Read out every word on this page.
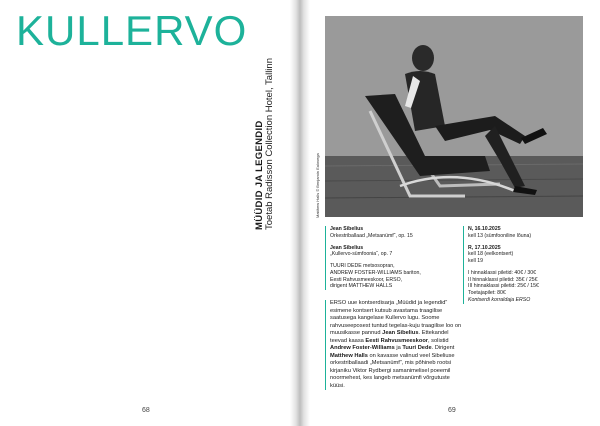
KULLERVO
MÜÜDID JA LEGENDID Toetab Radisson Collection Hotel, Tallinn
68
Matthew Halls © Benjamin Ealovega
Jean Sibelius
Orkestriballaad „Metsanümf“, op. 15
Jean Sibelius
„Kullervo-sümfoonia“, op. 7
TUURI DEDE metsosopran,
ANDREW FOSTER-WILLIAMS bariton,
Eesti Rahvusmeeskoor, ERSO,
dirigent MATTHEW HALLS
N, 16.10.2025
kell 13 (sümfooniline lõuna)
R, 17.10.2025
kell 18 (eelkontsert)
kell 19
I hinnaklassi piletid: 40€ / 30€
II hinnaklassi piletid: 35€ / 25€
III hinnaklassi piletid: 25€ / 15€
Toetajapilet: 80€
Kontserdi korraldaja ERSO
ERSO uue kontserdisarja „Müüdid ja legendid“ esimene kontsert kutsub avastama traagilise saatusega kangelase Kullervo lugu. Soome rahvuseeposest tuntud tegelas-kuju traagilise loo on muusikasse pannud Jean Sibelius. Ettekandel teevad kaasa Eesti Rahvusmeeskoor, solistid Andrew Foster-Williams ja Tuuri Dede. Dirigent Matthew Halls on kavasse valinud veel Sibeliuse orkestriballaadi „Metsanümf“, mis põhineb rootsi kirjaniku Viktor Rydbergi samanimelisel poeemil noormehest, kes langeb metsanümfi võrgutuste küüsi.
69
